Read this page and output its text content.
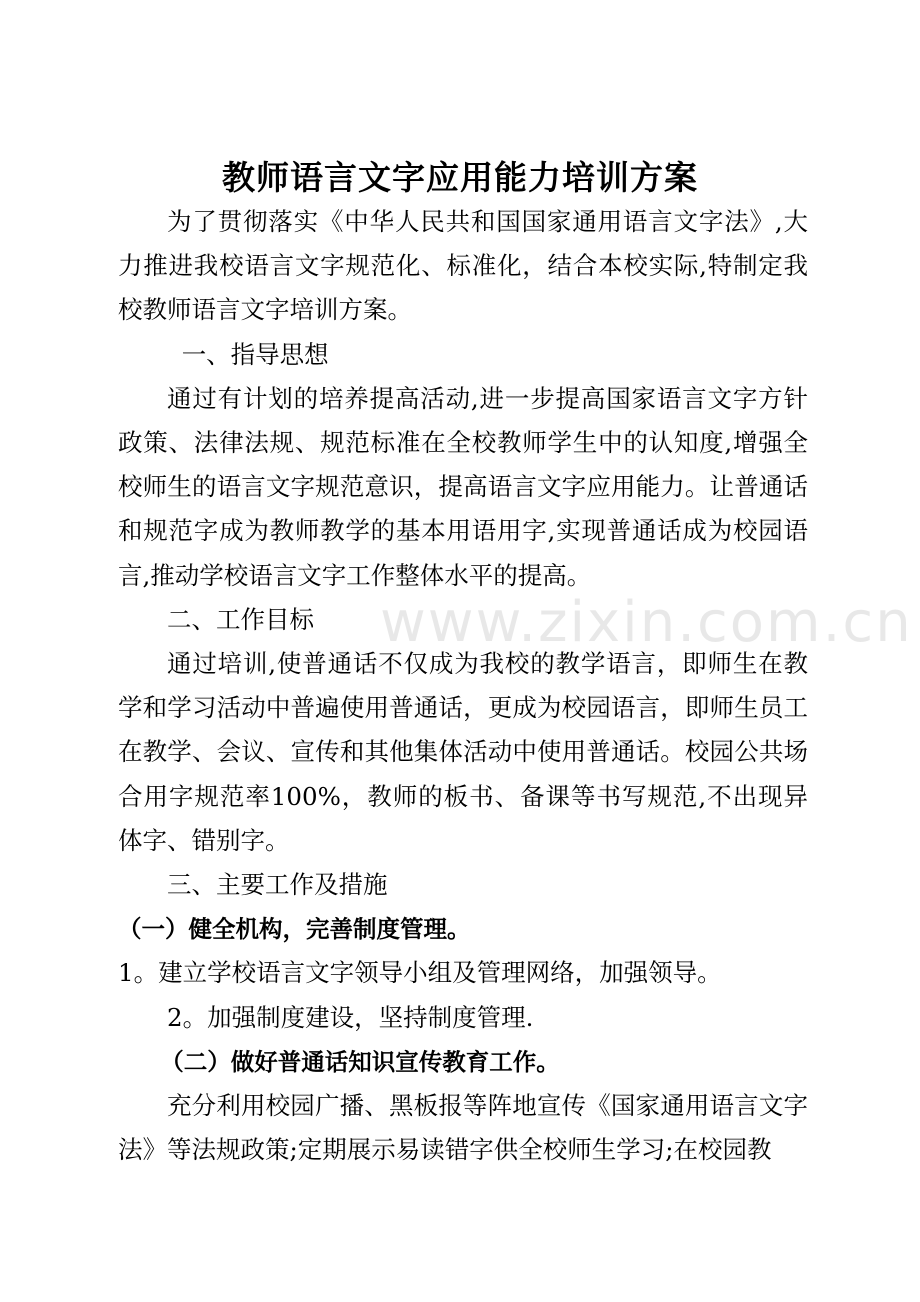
教师语言文字应用能力培训方案

为了贯彻落实《中华人民共和国国家通用语言文字法》,大力推进我校语言文字规范化、标准化，结合本校实际,特制定我校教师语言文字培训方案。

一、指导思想

通过有计划的培养提高活动,进一步提高国家语言文字方针政策、法律法规、规范标准在全校教师学生中的认知度,增强全校师生的语言文字规范意识，提高语言文字应用能力。让普通话和规范字成为教师教学的基本用语用字,实现普通话成为校园语言,推动学校语言文字工作整体水平的提高。

二、工作目标

通过培训,使普通话不仅成为我校的教学语言，即师生在教学和学习活动中普遍使用普通话，更成为校园语言，即师生员工在教学、会议、宣传和其他集体活动中使用普通话。校园公共场合用字规范率100%，教师的板书、备课等书写规范,不出现异体字、错别字。

三、主要工作及措施

（一）健全机构，完善制度管理。

1。建立学校语言文字领导小组及管理网络，加强领导。

2。加强制度建设，坚持制度管理.

（二）做好普通话知识宣传教育工作。

充分利用校园广播、黑板报等阵地宣传《国家通用语言文字法》等法规政策;定期展示易读错字供全校师生学习;在校园教

www.zixin.com.cn
